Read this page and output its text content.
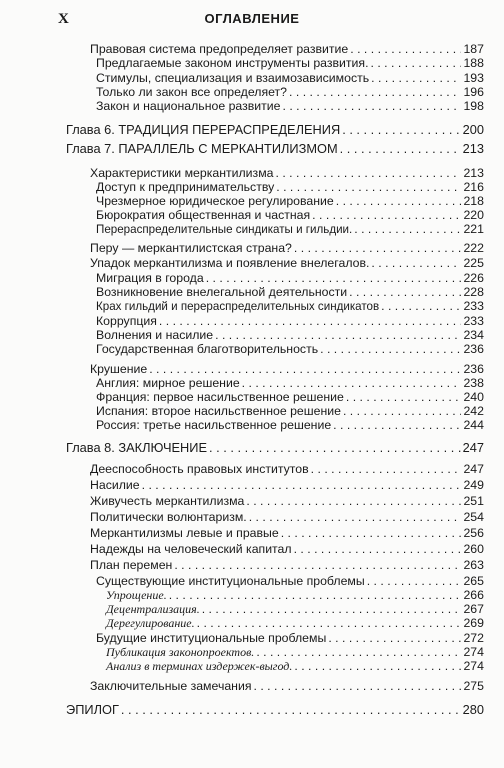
X	ОГЛАВЛЕНИЕ
Правовая система предопределяет развитие . . .	187
Предлагаемые законом инструменты развития. . . .	188
Стимулы, специализация и взаимозависимость . . .	193
Только ли закон все определяет? . . .	196
Закон и национальное развитие . . .	198
Глава 6. ТРАДИЦИЯ ПЕРЕРАСПРЕДЕЛЕНИЯ . . .	200
Глава 7. ПАРАЛЛЕЛЬ С МЕРКАНТИЛИЗМОМ . . .	213
Характеристики меркантилизма . . .	213
Доступ к предпринимательству . . .	216
Чрезмерное юридическое регулирование . . .	218
Бюрократия общественная и частная . . .	220
Перераспределительные синдикаты и гильдии. . . .	221
Перу — меркантилистская страна? . . .	222
Упадок меркантилизма и появление внелегалов. . . .	225
Миграция в города . . .	226
Возникновение внелегальной деятельности . . .	228
Крах гильдий и перераспределительных синдикатов . . .	233
Коррупция . . .	233
Волнения и насилие . . .	234
Государственная благотворительность . . .	236
Крушение . . .	236
Англия: мирное решение . . .	238
Франция: первое насильственное решение . . .	240
Испания: второе насильственное решение . . .	242
Россия: третье насильственное решение . . .	244
Глава 8. ЗАКЛЮЧЕНИЕ . . .	247
Дееспособность правовых институтов . . .	247
Насилие . . .	249
Живучесть меркантилизма . . .	251
Политически волюнтаризм. . . .	254
Меркантилизмы левые и правые . . .	256
Надежды на человеческий капитал . . .	260
План перемен . . .	263
Существующие институциональные проблемы . . .	265
Упрощение. . . .	266
Децентрализация. . . .	267
Дерегулирование. . . .	269
Будущие институциональные проблемы . . .	272
Публикация законопроектов. . . .	274
Анализ в терминах издержек-выгод. . . .	274
Заключительные замечания . . .	275
ЭПИЛОГ . . .	280
